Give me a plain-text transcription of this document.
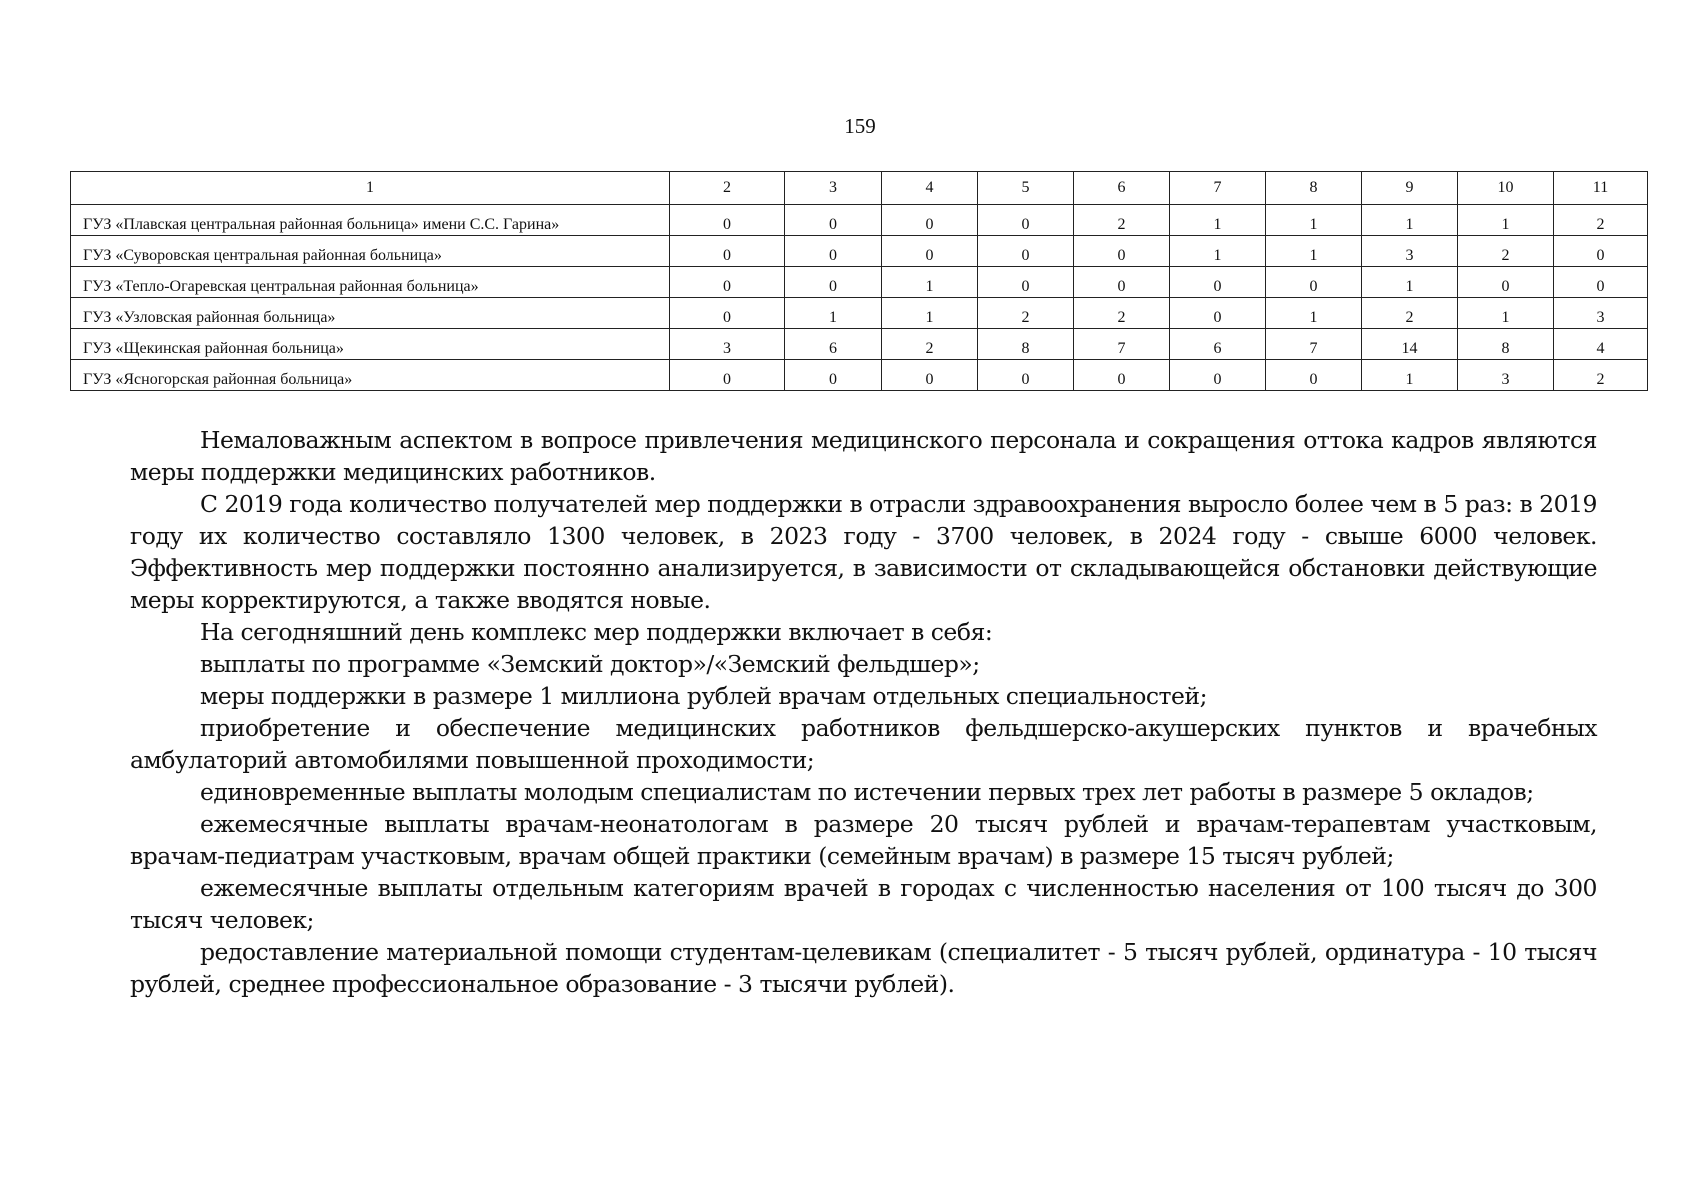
159
1	2	3	4	5	6	7	8	9	10	11
ГУЗ «Плавская центральная районная больница» имени С.С. Гарина»	0	0	0	0	2	1	1	1	1	2
ГУЗ «Суворовская центральная районная больница»	0	0	0	0	0	1	1	3	2	0
ГУЗ «Тепло-Огаревская центральная районная больница»	0	0	1	0	0	0	0	1	0	0
ГУЗ «Узловская районная больница»	0	1	1	2	2	0	1	2	1	3
ГУЗ «Щекинская районная больница»	3	6	2	8	7	6	7	14	8	4
ГУЗ «Ясногорская районная больница»	0	0	0	0	0	0	0	1	3	2

Немаловажным аспектом в вопросе привлечения медицинского персонала и сокращения оттока кадров являются меры поддержки медицинских работников.

С 2019 года количество получателей мер поддержки в отрасли здравоохранения выросло более чем в 5 раз: в 2019 году их количество составляло 1300 человек, в 2023 году - 3700 человек, в 2024 году - свыше 6000 человек. Эффективность мер поддержки постоянно анализируется, в зависимости от складывающейся обстановки действующие меры корректируются, а также вводятся новые.

На сегодняшний день комплекс мер поддержки включает в себя:

выплаты по программе «Земский доктор»/«Земский фельдшер»;

меры поддержки в размере 1 миллиона рублей врачам отдельных специальностей;

приобретение и обеспечение медицинских работников фельдшерско-акушерских пунктов и врачебных амбулаторий автомобилями повышенной проходимости;

единовременные выплаты молодым специалистам по истечении первых трех лет работы в размере 5 окладов;

ежемесячные выплаты врачам-неонатологам в размере 20 тысяч рублей и врачам-терапевтам участковым, врачам-педиатрам участковым, врачам общей практики (семейным врачам) в размере 15 тысяч рублей;

ежемесячные выплаты отдельным категориям врачей в городах с численностью населения от 100 тысяч до 300 тысяч человек;

редоставление материальной помощи студентам-целевикам (специалитет - 5 тысяч рублей, ординатура - 10 тысяч рублей, среднее профессиональное образование - 3 тысячи рублей).
